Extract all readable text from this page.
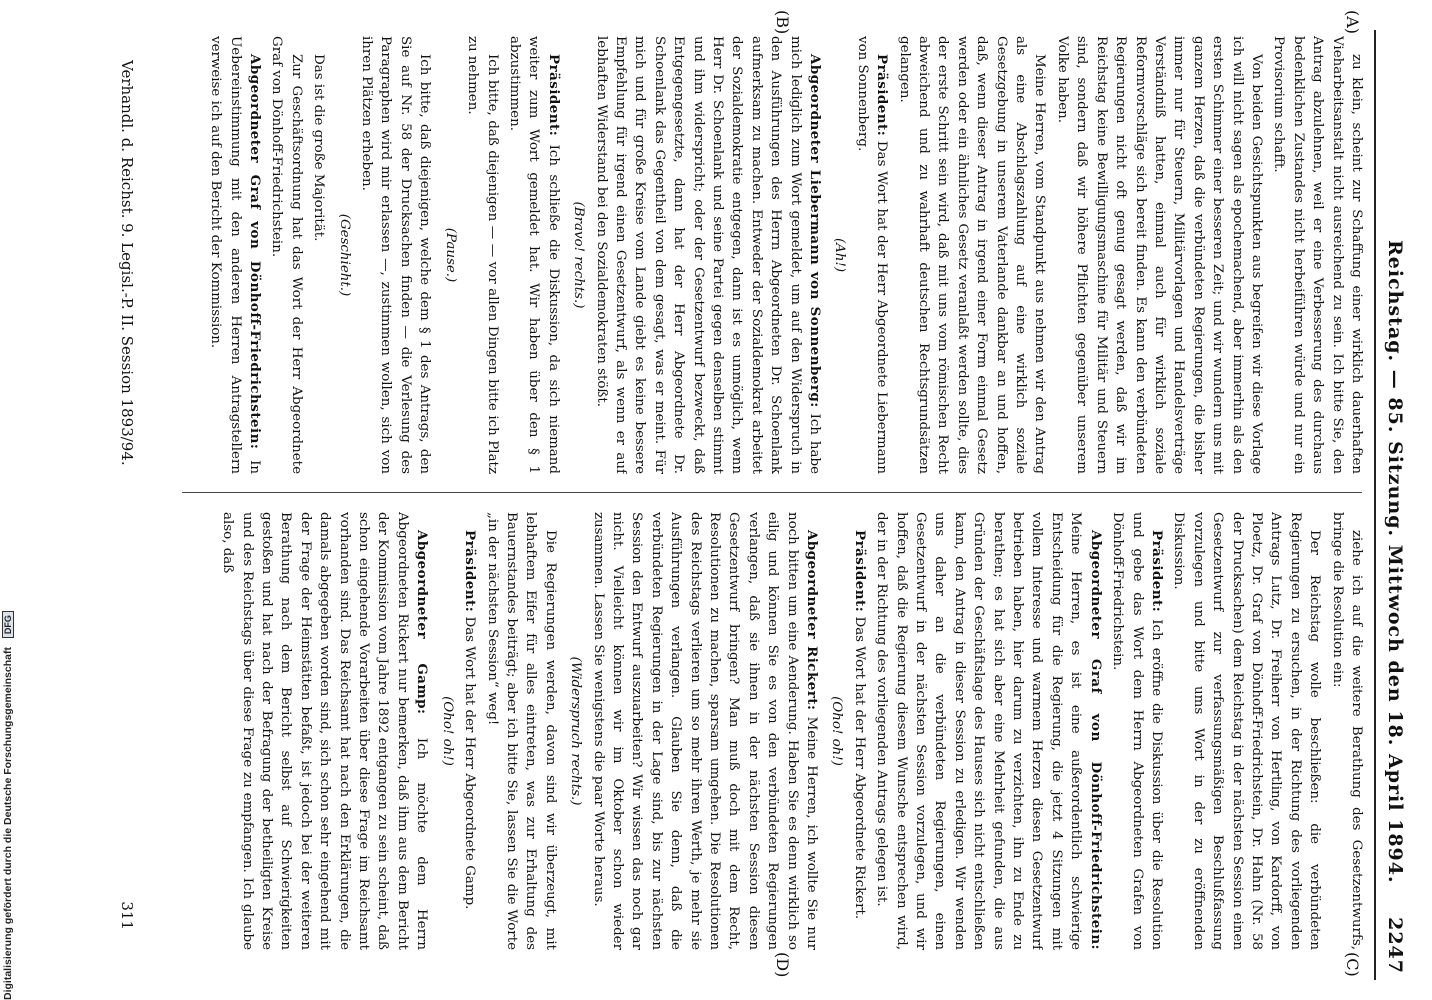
Reichstag. — 85. Sitzung. Mittwoch den 18. April 1894.
2247
(A)
(B)
(C)
(D)

zu klein, scheint zur Schaffung einer wirklich dauerhaften Vieharbeitsanstalt nicht ausreichend zu sein. Ich bitte Sie, den Antrag abzulehnen, weil er eine Verbesserung des durchaus bedenklichen Zustandes nicht herbeiführen würde und nur ein Provisorium schafft.

Von beiden Gesichtspunkten aus begreifen wir diese Vorlage ich will nicht sagen als epochemachend, aber immerhin als den ersten Schimmer einer besseren Zeit; und wir wundern uns mit ganzem Herzen, daß die verbündeten Regierungen, die bisher immer nur für Steuern, Militärvorlagen und Handelsverträge Verständniß hatten, einmal auch für wirklich soziale Reformvorschläge sich bereit finden. Es kann den verbündeten Regierungen nicht oft genug gesagt werden, daß wir im Reichstag keine Bewilligungsmaschine für Militär und Steuern sind, sondern daß wir höhere Pflichten gegenüber unserem Volke haben.

Meine Herren, vom Standpunkt aus nehmen wir den Antrag als eine Abschlagszahlung auf eine wirklich soziale Gesetzgebung in unserem Vaterlande dankbar an und hoffen, daß, wenn dieser Antrag in irgend einer Form einmal Gesetz werden oder ein ähnliches Gesetz veranlaßt werden sollte, dies der erste Schritt sein wird, daß mit uns vom römischen Recht abweichend und zu wahrhaft deutschen Rechtsgrundsätzen gelangen.

Präsident: Das Wort hat der Herr Abgeordnete Liebermann von Sonnenberg.

(Ah!)

Abgeordneter Liebermann von Sonnenberg: Ich habe mich lediglich zum Wort gemeldet, um auf den Widerspruch in den Ausführungen des Herrn Abgeordneten Dr. Schoenlank aufmerksam zu machen. Entweder der Sozialdemokrat arbeitet der Sozialdemokratie entgegen, dann ist es unmöglich, wenn Herr Dr. Schoenlank und seine Partei gegen denselben stimmt und ihm widerspricht; oder der Gesetzentwurf bezweckt, daß Entgegengesetzte, dann hat der Herr Abgeordnete Dr. Schoenlank das Gegentheil von dem gesagt, was er meint. Für mich und für große Kreise vom Lande giebt es keine bessere Empfehlung für irgend einen Gesetzentwurf, als wenn er auf lebhaften Widerstand bei den Sozialdemokraten stößt.

(Bravo! rechts.)

Präsident: Ich schließe die Diskussion, da sich niemand weiter zum Wort gemeldet hat. Wir haben über den § 1 abzustimmen.

Ich bitte, daß diejenigen — — vor allen Dingen bitte ich Platz zu nehmen.

(Pause.)

Ich bitte, daß diejenigen, welche dem § 1 des Antrags, den Sie auf Nr. 58 der Drucksachen finden — die Verlesung des Paragraphen wird mir erlassen —, zustimmen wollen, sich von ihren Plätzen erheben.

(Geschieht.)

Das ist die große Majorität.

Zur Geschäftsordnung hat das Wort der Herr Abgeordnete Graf von Dönhoff-Friedrichstein.

Abgeordneter Graf von Dönhoff-Friedrichstein: In Uebereinstimmung mit den anderen Herren Antragstellern verweise ich auf den Bericht der Kommission.

ziehe ich auf die weitere Berathung des Gesetzentwurfs, bringe die Resolution ein:

Der Reichstag wolle beschließen: die verbündeten Regierungen zu ersuchen, in der Richtung des vorliegenden Antrags Lutz, Dr. Freiherr von Hertling, von Kardorff, von Ploetz, Dr. Graf von Dönhoff-Friedrichstein, Dr. Hahn (Nr. 58 der Drucksachen) dem Reichstag in der nächsten Session einen Gesetzentwurf zur verfassungsmäßigen Beschlußfassung vorzulegen und bitte ums Wort in der zu eröffnenden Diskussion.

Präsident: Ich eröffne die Diskussion über die Resolution und gebe das Wort dem Herrn Abgeordneten Grafen von Dönhoff-Friedrichstein.

Abgeordneter Graf von Dönhoff-Friedrichstein: Meine Herren, es ist eine außerordentlich schwierige Entscheidung für die Regierung, die jetzt 4 Sitzungen mit vollem Interesse und warmem Herzen diesen Gesetzentwurf betrieben haben, hier darum zu verzichten, ihn zu Ende zu berathen; es hat sich aber eine Mehrheit gefunden, die aus Gründen der Geschäftslage des Hauses sich nicht entschließen kann, den Antrag in dieser Session zu erledigen. Wir wenden uns daher an die verbündeten Regierungen, einen Gesetzentwurf in der nächsten Session vorzulegen, und wir hoffen, daß die Regierung diesem Wunsche entsprechen wird, der in der Richtung des vorliegenden Antrags gelegen ist.

Präsident: Das Wort hat der Herr Abgeordnete Rickert.

(Oho! oh!)

Abgeordneter Rickert: Meine Herren, ich wollte Sie nur noch bitten um eine Aenderung. Haben Sie es denn wirklich so eilig und können Sie es von den verbündeten Regierungen verlangen, daß sie ihnen in der nächsten Session diesen Gesetzentwurf bringen? Man muß doch mit dem Recht, Resolutionen zu machen, sparsam umgehen. Die Resolutionen des Reichstags verlieren um so mehr ihren Werth, je mehr sie Ausführungen verlangen. Glauben Sie denn, daß die verbündeten Regierungen in der Lage sind, bis zur nächsten Session den Entwurf auszuarbeiten? Wir wissen das noch gar nicht. Vielleicht können wir im Oktober schon wieder zusammen. Lassen Sie wenigstens die paar Worte heraus.

(Widerspruch rechts.)

Die Regierungen werden, davon sind wir überzeugt, mit lebhaftem Eifer für alles eintreten, was zur Erhaltung des Bauernstandes beiträgt; aber ich bitte Sie, lassen Sie die Worte „in der nächsten Session“ weg!

Präsident: Das Wort hat der Herr Abgeordnete Gamp.

(Oho! oh!)

Abgeordneter Gamp: Ich möchte dem Herrn Abgeordneten Rickert nur bemerken, daß ihm aus dem Bericht der Kommission vom Jahre 1892 entgangen zu sein scheint, daß schon eingehende Vorarbeiten über diese Frage im Reichsamt vorhanden sind. Das Reichsamt hat nach den Erklärungen, die damals abgegeben worden sind, sich schon sehr eingehend mit der Frage der Heimstätten befaßt, ist jedoch bei der weiteren Berathung nach dem Bericht selbst auf Schwierigkeiten gestoßen und hat nach der Befragung der betheiligten Kreise und des Reichstags über diese Frage zu empfangen. Ich glaube also, daß

Verhandl. d. Reichst. 9. Legisl.-P. II. Session 1893/94.
311
Digitalisierung gefördert durch die Deutsche Forschungsgemeinschaft DFG
